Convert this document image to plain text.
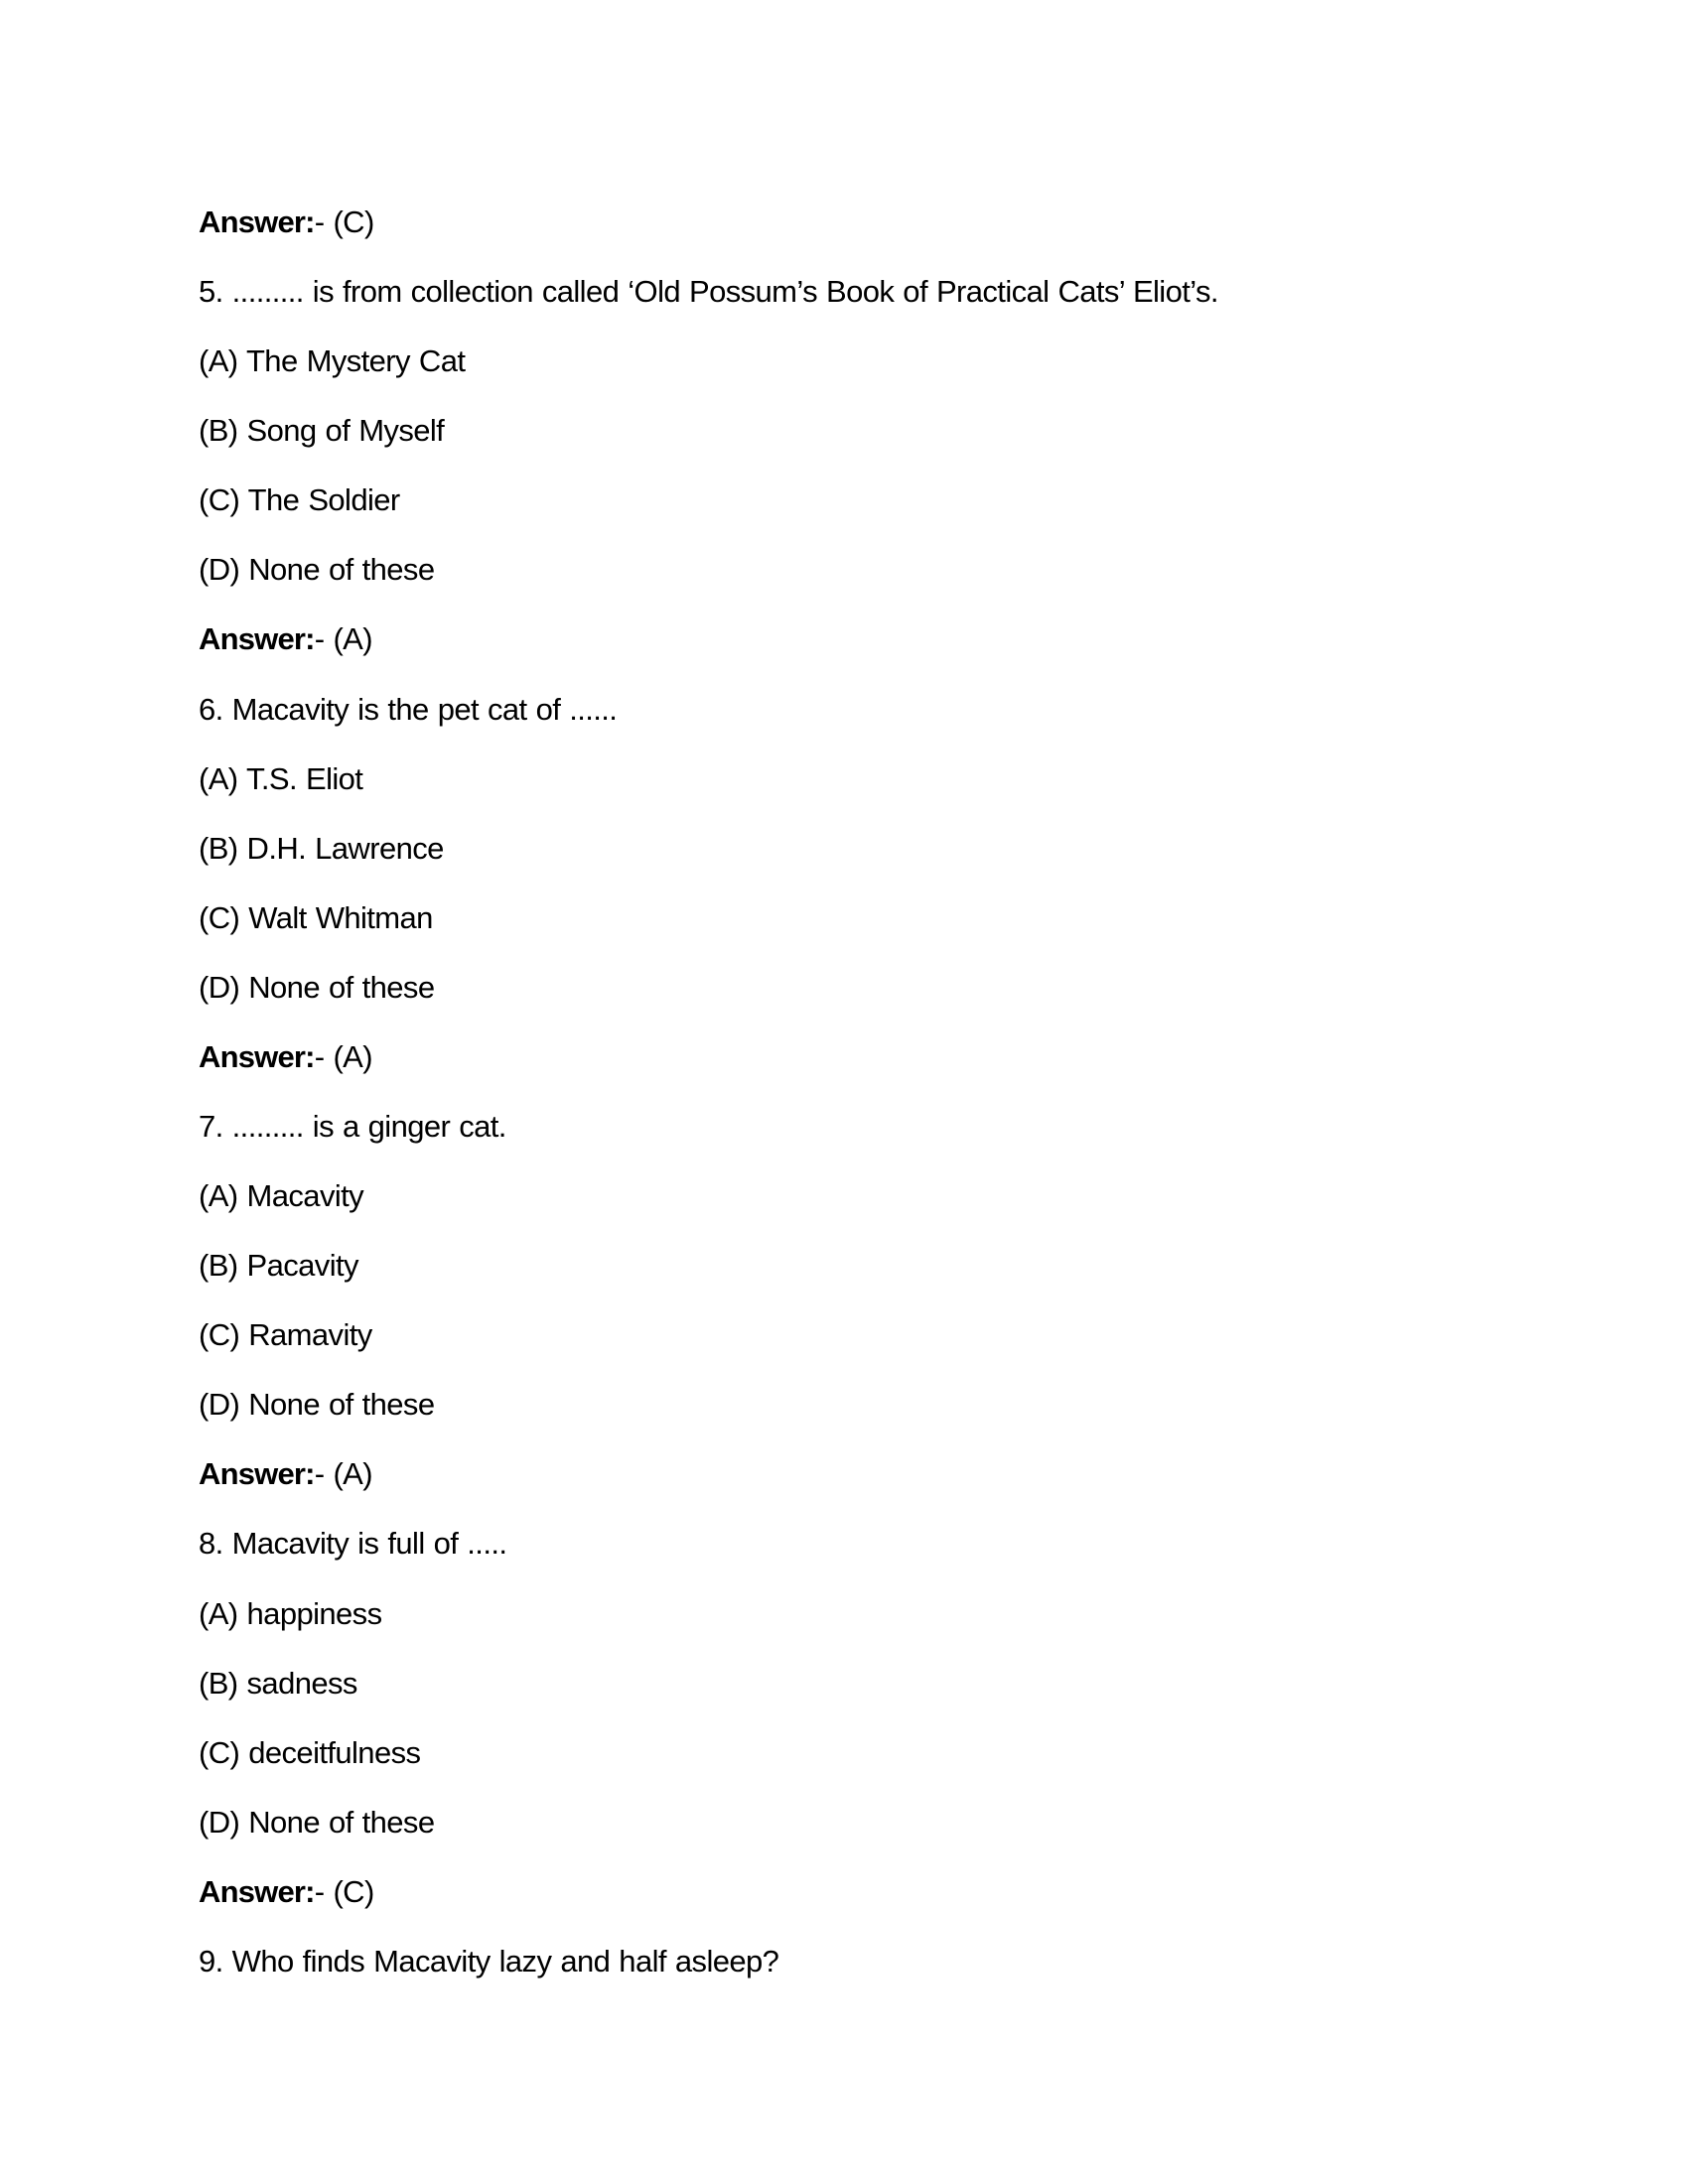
Answer:- (C)
5. ......... is from collection called ‘Old Possum’s Book of Practical Cats’ Eliot’s.
(A) The Mystery Cat
(B) Song of Myself
(C) The Soldier
(D) None of these
Answer:- (A)
6. Macavity is the pet cat of ......
(A) T.S. Eliot
(B) D.H. Lawrence
(C) Walt Whitman
(D) None of these
Answer:- (A)
7. ......... is a ginger cat.
(A) Macavity
(B) Pacavity
(C) Ramavity
(D) None of these
Answer:- (A)
8. Macavity is full of .....
(A) happiness
(B) sadness
(C) deceitfulness
(D) None of these
Answer:- (C)
9. Who finds Macavity lazy and half asleep?
